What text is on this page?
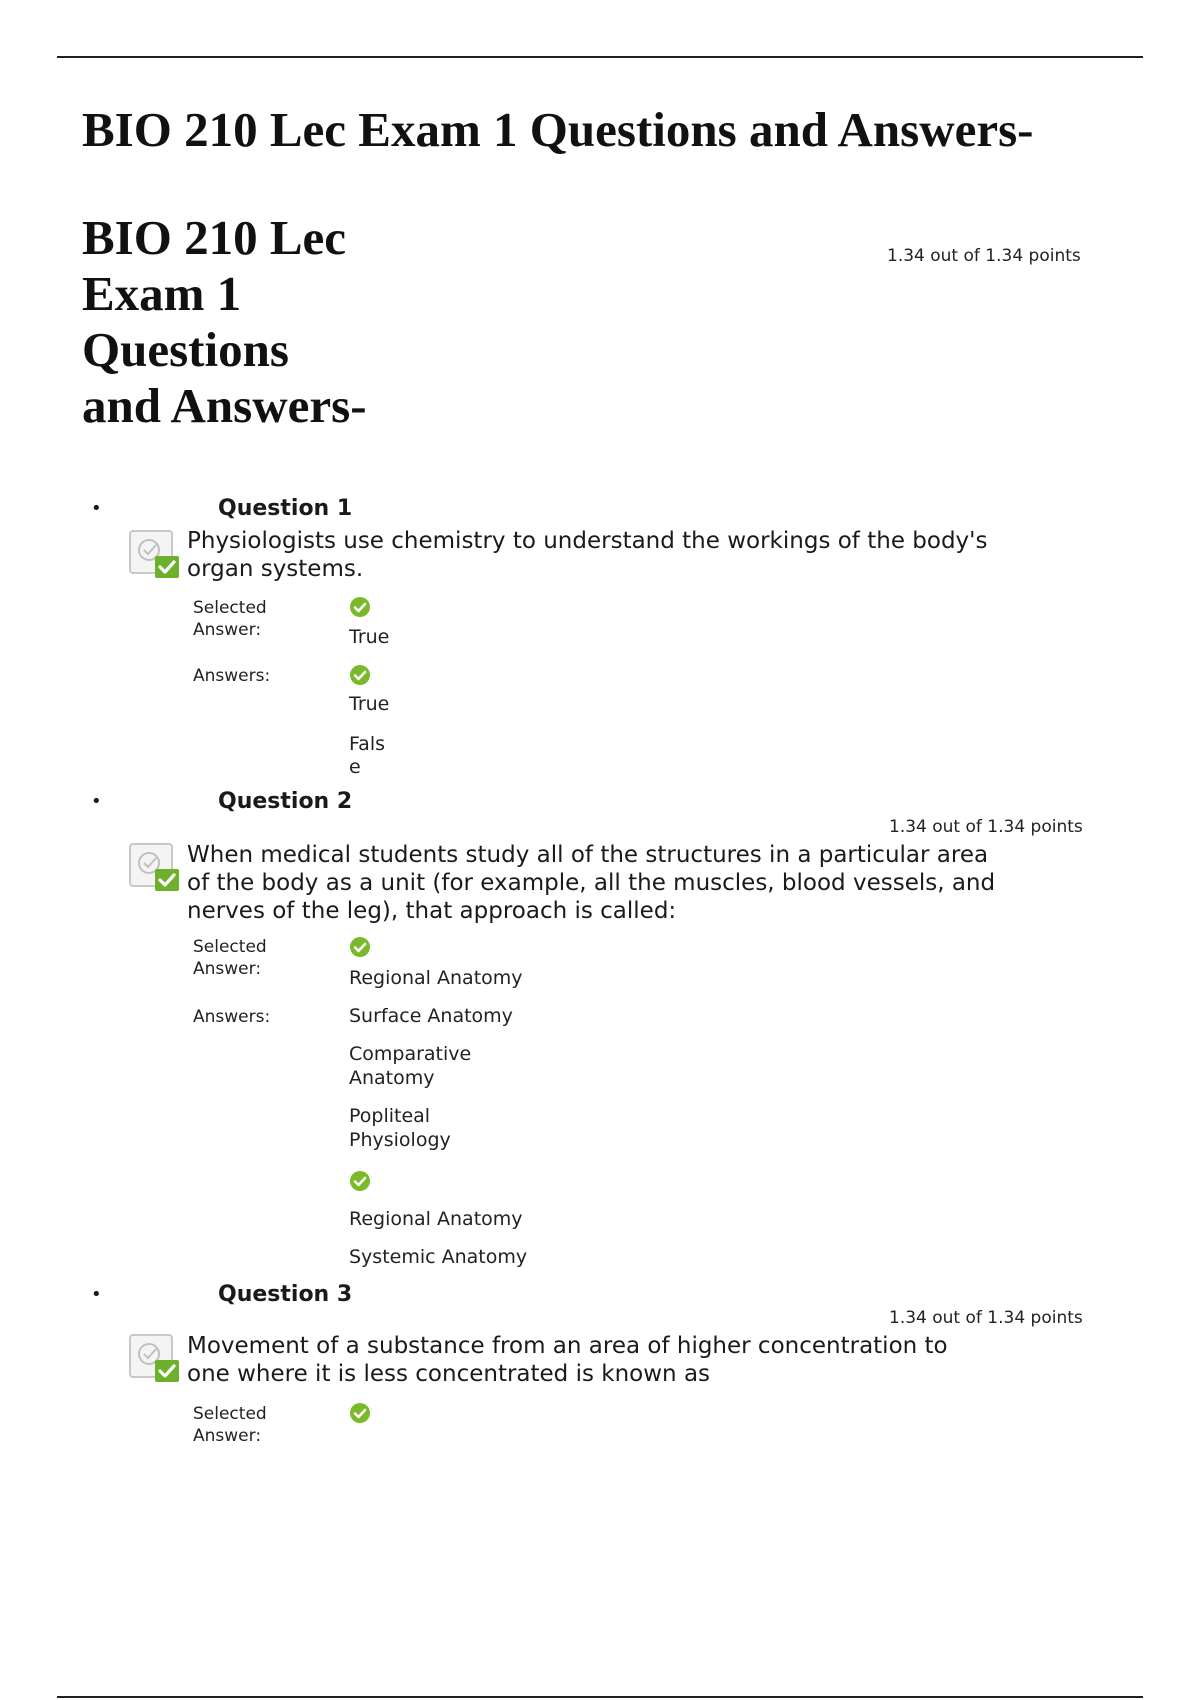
BIO 210 Lec Exam 1 Questions and Answers-
BIO 210 Lec
Exam 1
Questions
and Answers-
1.34 out of 1.34 points
•	Question 1
Physiologists use chemistry to understand the workings of the body's
organ systems.
Selected
Answer:	True
Answers:
True
Fals
e
•	Question 2
1.34 out of 1.34 points
When medical students study all of the structures in a particular area
of the body as a unit (for example, all the muscles, blood vessels, and
nerves of the leg), that approach is called:
Selected
Answer:	Regional Anatomy
Answers:	Surface Anatomy
Comparative
Anatomy
Popliteal
Physiology
Regional Anatomy
Systemic Anatomy
•	Question 3
1.34 out of 1.34 points
Movement of a substance from an area of higher concentration to
one where it is less concentrated is known as
Selected
Answer:
